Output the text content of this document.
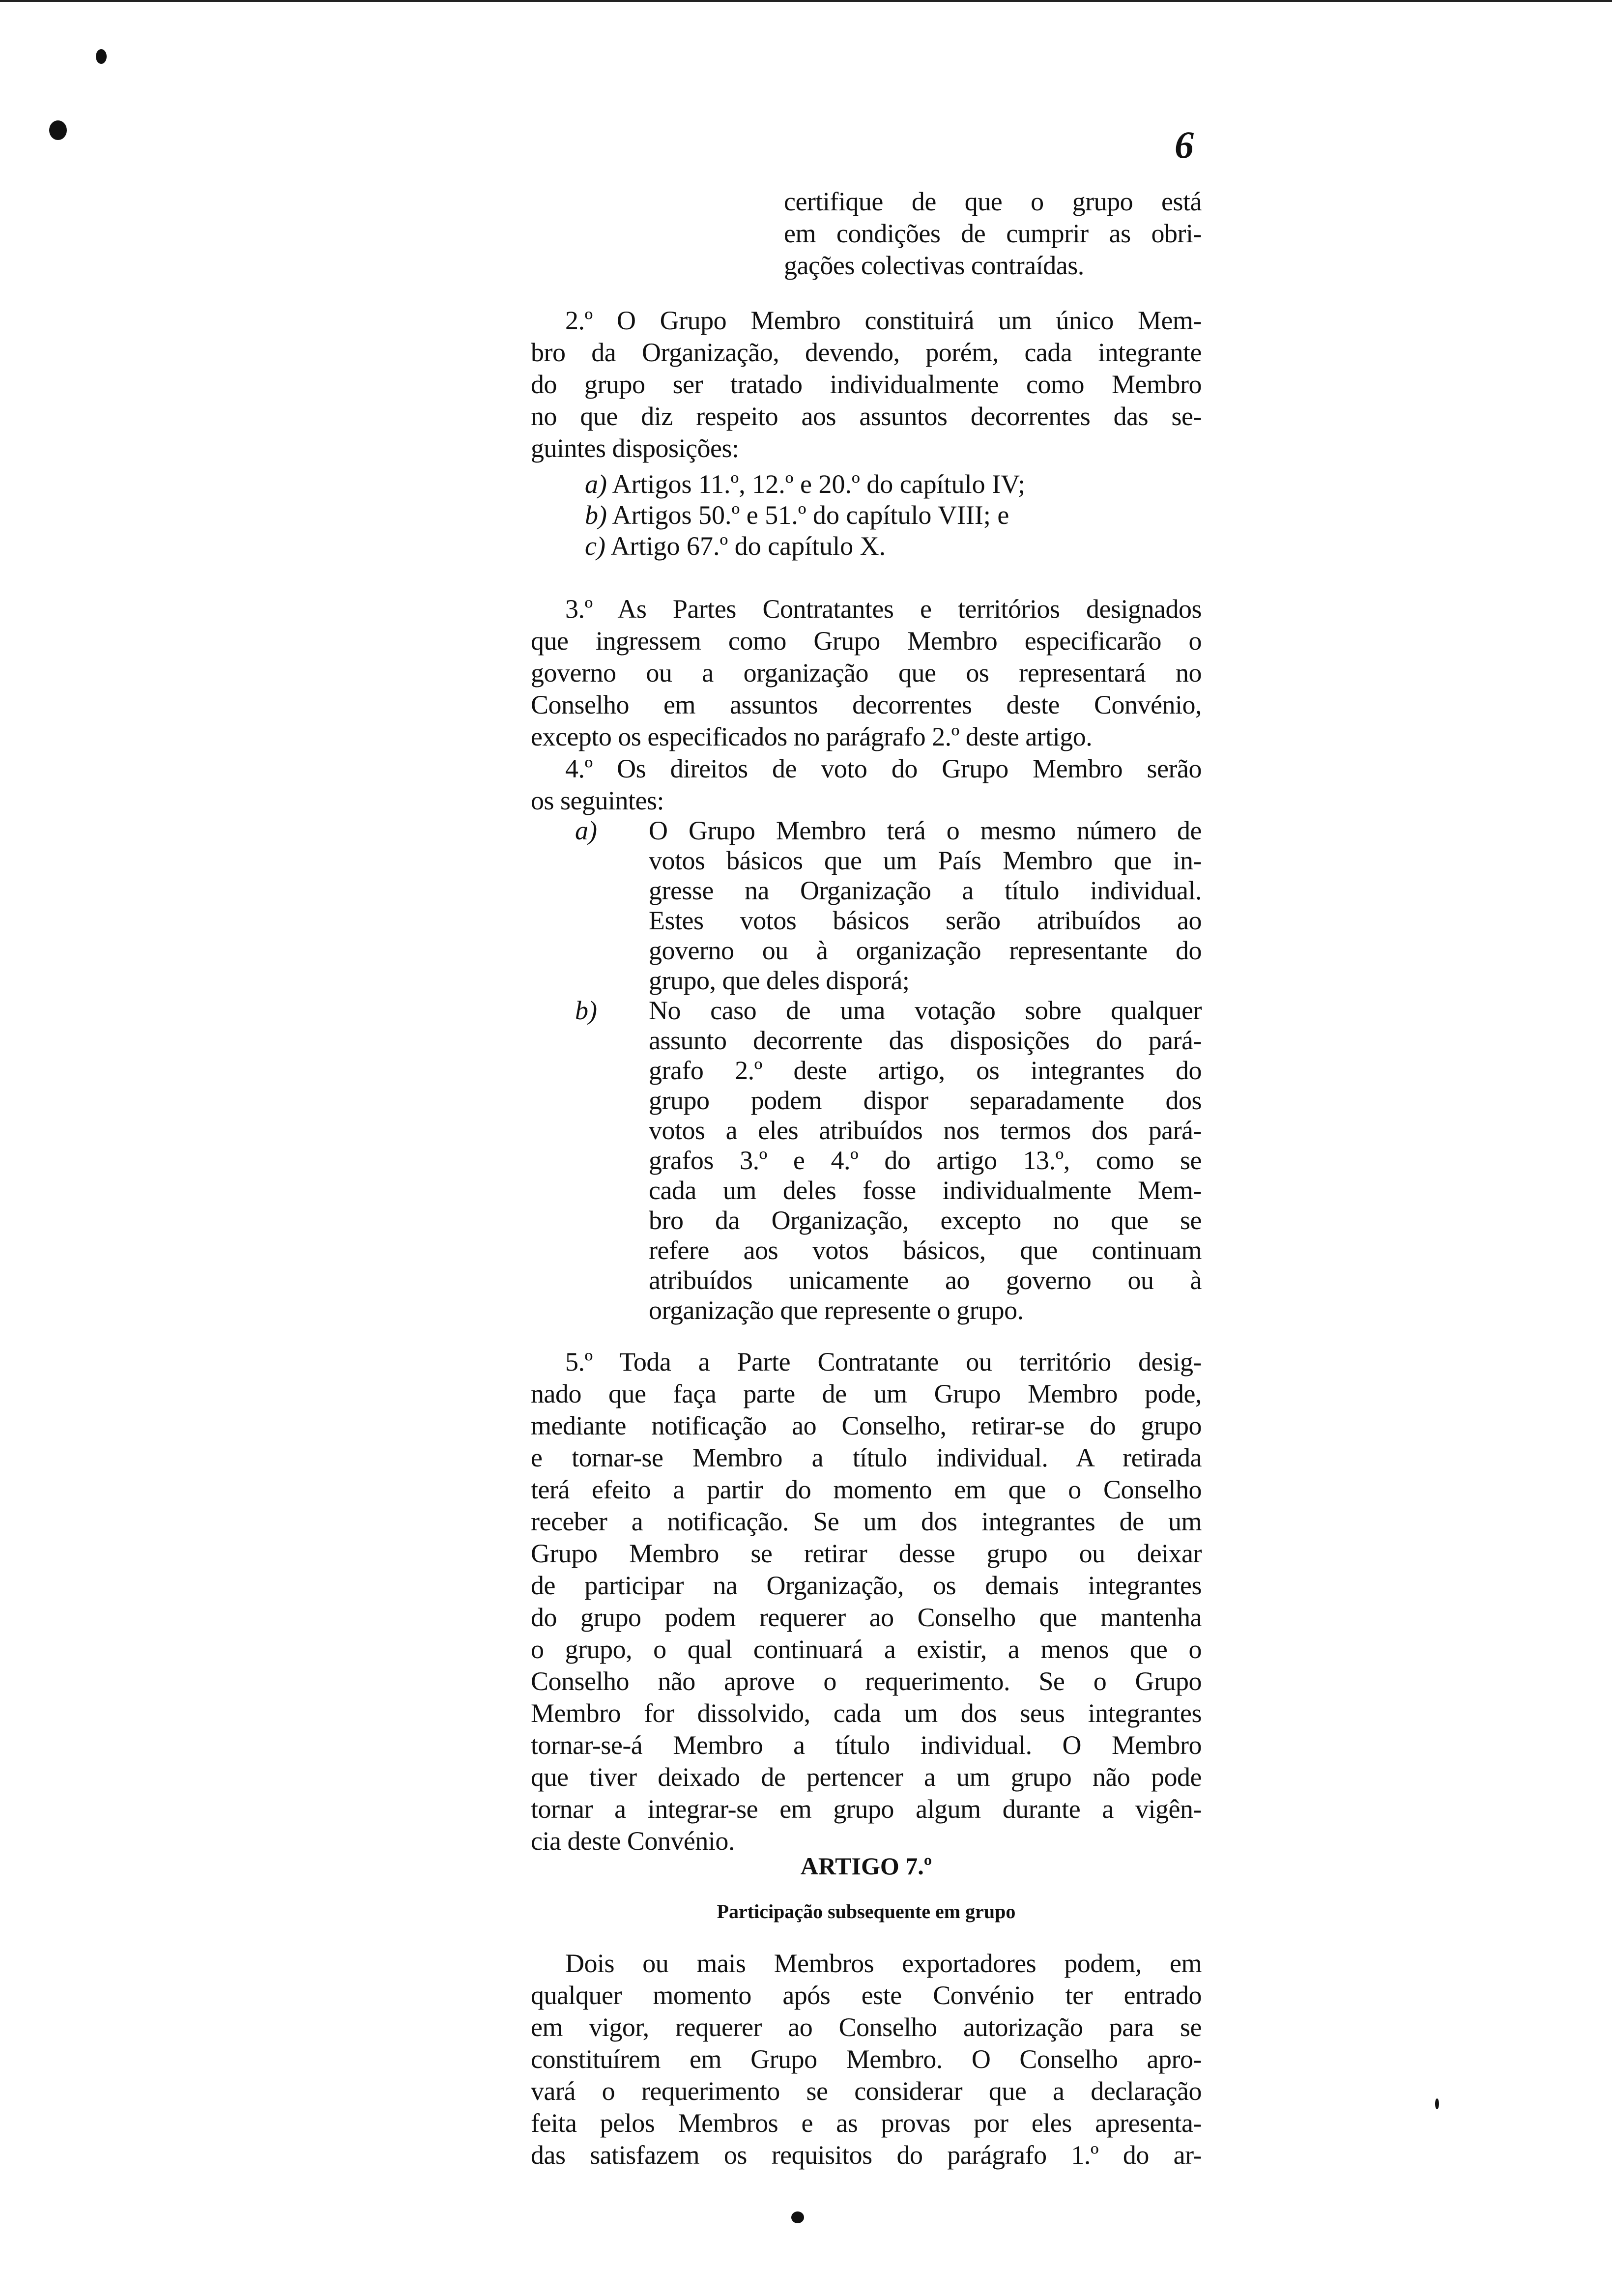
6
certifique de que o grupo está
em condições de cumprir as obri-
gações colectivas contraídas.
2.º O Grupo Membro constituirá um único Mem-
bro da Organização, devendo, porém, cada integrante
do grupo ser tratado individualmente como Membro
no que diz respeito aos assuntos decorrentes das se-
guintes disposições:
a) Artigos 11.º, 12.º e 20.º do capítulo IV;
b) Artigos 50.º e 51.º do capítulo VIII; e
c) Artigo 67.º do capítulo X.
3.º As Partes Contratantes e territórios designados
que ingressem como Grupo Membro especificarão o
governo ou a organização que os representará no
Conselho em assuntos decorrentes deste Convénio,
excepto os especificados no parágrafo 2.º deste artigo.
4.º Os direitos de voto do Grupo Membro serão
os seguintes:
a) O Grupo Membro terá o mesmo número de
votos básicos que um País Membro que in-
gresse na Organização a título individual.
Estes votos básicos serão atribuídos ao
governo ou à organização representante do
grupo, que deles disporá;
b) No caso de uma votação sobre qualquer
assunto decorrente das disposições do pará-
grafo 2.º deste artigo, os integrantes do
grupo podem dispor separadamente dos
votos a eles atribuídos nos termos dos pará-
grafos 3.º e 4.º do artigo 13.º, como se
cada um deles fosse individualmente Mem-
bro da Organização, excepto no que se
refere aos votos básicos, que continuam
atribuídos unicamente ao governo ou à
organização que represente o grupo.
5.º Toda a Parte Contratante ou território desig-
nado que faça parte de um Grupo Membro pode,
mediante notificação ao Conselho, retirar-se do grupo
e tornar-se Membro a título individual. A retirada
terá efeito a partir do momento em que o Conselho
receber a notificação. Se um dos integrantes de um
Grupo Membro se retirar desse grupo ou deixar
de participar na Organização, os demais integrantes
do grupo podem requerer ao Conselho que mantenha
o grupo, o qual continuará a existir, a menos que o
Conselho não aprove o requerimento. Se o Grupo
Membro for dissolvido, cada um dos seus integrantes
tornar-se-á Membro a título individual. O Membro
que tiver deixado de pertencer a um grupo não pode
tornar a integrar-se em grupo algum durante a vigên-
cia deste Convénio.
ARTIGO 7.º
Participação subsequente em grupo
Dois ou mais Membros exportadores podem, em
qualquer momento após este Convénio ter entrado
em vigor, requerer ao Conselho autorização para se
constituírem em Grupo Membro. O Conselho apro-
vará o requerimento se considerar que a declaração
feita pelos Membros e as provas por eles apresenta-
das satisfazem os requisitos do parágrafo 1.º do ar-
